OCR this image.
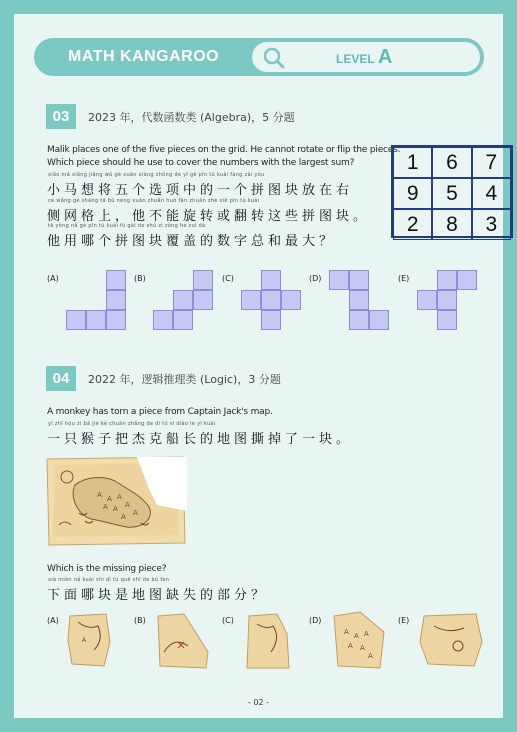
MATH KANGAROO	LEVEL A
03	2023 年，代数函数类 (Algebra)，5 分题
Malik places one of the five pieces on the grid. He cannot rotate or flip the pieces.
Which piece should he use to cover the numbers with the largest sum?
xiǎo mǎ xiǎng jiāng wǔ gè xuǎn xiàng zhōng de yī gè pīn tú kuài fàng zài yòu
小马想将五个选项中的一个拼图块放在右
cè wǎng gé shàng tā bù néng xuán zhuǎn huò fān zhuǎn zhè xiē pīn tú kuài
侧网格上，他不能旋转或翻转这些拼图块。
tā yòng nǎ gè pīn tú kuài fù gài de shù zì zǒng hé zuì dà
他用哪个拼图块覆盖的数字总和最大？
1	6	7
9	5	4
2	8	3
(A)	(B)	(C)	(D)	(E)
04	2022 年，逻辑推理类 (Logic)，3 分题
A monkey has torn a piece from Captain Jack's map.
yī zhī hóu zi bǎ jié kè chuán zhǎng de dì tú sī diào le yī kuài
一只猴子把杰克船长的地图撕掉了一块。
A A A
A A A
A
A
Which is the missing piece?
xià miàn nǎ kuài shì dì tú quē shī de bù fen
下面哪块是地图缺失的部分？
(A)
A
(B)	(C)	(D)
A A A
A A
A
(E)
- 02 -
